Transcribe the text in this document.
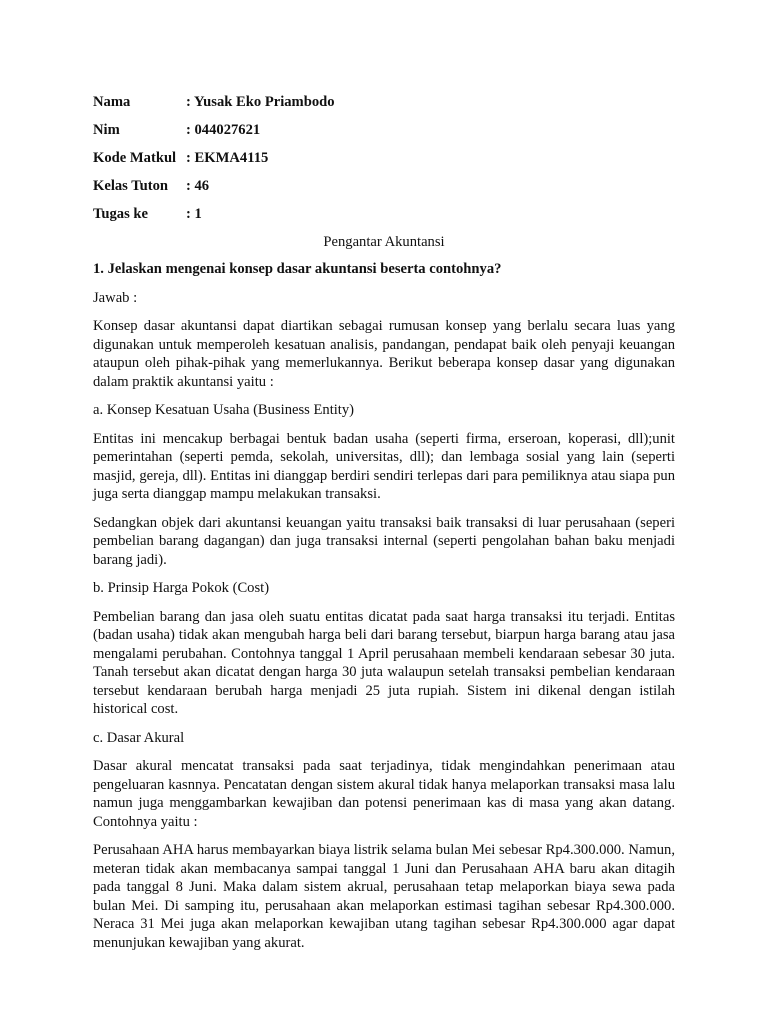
Nama	: Yusak Eko Priambodo
Nim	: 044027621
Kode Matkul : EKMA4115
Kelas Tuton	: 46
Tugas ke	: 1
Pengantar Akuntansi
1. Jelaskan mengenai konsep dasar akuntansi beserta contohnya?
Jawab :

Konsep dasar akuntansi dapat diartikan sebagai rumusan konsep yang berlalu secara luas yang digunakan untuk memperoleh kesatuan analisis, pandangan, pendapat baik oleh penyaji keuangan ataupun oleh pihak-pihak yang memerlukannya. Berikut beberapa konsep dasar yang digunakan dalam praktik akuntansi yaitu :

a. Konsep Kesatuan Usaha (Business Entity)

Entitas ini mencakup berbagai bentuk badan usaha (seperti firma, erseroan, koperasi, dll);unit pemerintahan (seperti pemda, sekolah, universitas, dll); dan lembaga sosial yang lain (seperti masjid, gereja, dll). Entitas ini dianggap berdiri sendiri terlepas dari para pemiliknya atau siapa pun juga serta dianggap mampu melakukan transaksi.

Sedangkan objek dari akuntansi keuangan yaitu transaksi baik transaksi di luar perusahaan (seperi pembelian barang dagangan) dan juga transaksi internal (seperti pengolahan bahan baku menjadi barang jadi).

b. Prinsip Harga Pokok (Cost)

Pembelian barang dan jasa oleh suatu entitas dicatat pada saat harga transaksi itu terjadi. Entitas (badan usaha) tidak akan mengubah harga beli dari barang tersebut, biarpun harga barang atau jasa mengalami perubahan. Contohnya tanggal 1 April perusahaan membeli kendaraan sebesar 30 juta. Tanah tersebut akan dicatat dengan harga 30 juta walaupun setelah transaksi pembelian kendaraan tersebut kendaraan berubah harga menjadi 25 juta rupiah. Sistem ini dikenal dengan istilah historical cost.

c. Dasar Akural

Dasar akural mencatat transaksi pada saat terjadinya, tidak mengindahkan penerimaan atau pengeluaran kasnnya. Pencatatan dengan sistem akural tidak hanya melaporkan transaksi masa lalu namun juga menggambarkan kewajiban dan potensi penerimaan kas di masa yang akan datang. Contohnya yaitu :

Perusahaan AHA harus membayarkan biaya listrik selama bulan Mei sebesar Rp4.300.000. Namun, meteran tidak akan membacanya sampai tanggal 1 Juni dan Perusahaan AHA baru akan ditagih pada tanggal 8 Juni. Maka dalam sistem akrual, perusahaan tetap melaporkan biaya sewa pada bulan Mei. Di samping itu, perusahaan akan melaporkan estimasi tagihan sebesar Rp4.300.000. Neraca 31 Mei juga akan melaporkan kewajiban utang tagihan sebesar Rp4.300.000 agar dapat menunjukan kewajiban yang akurat.
